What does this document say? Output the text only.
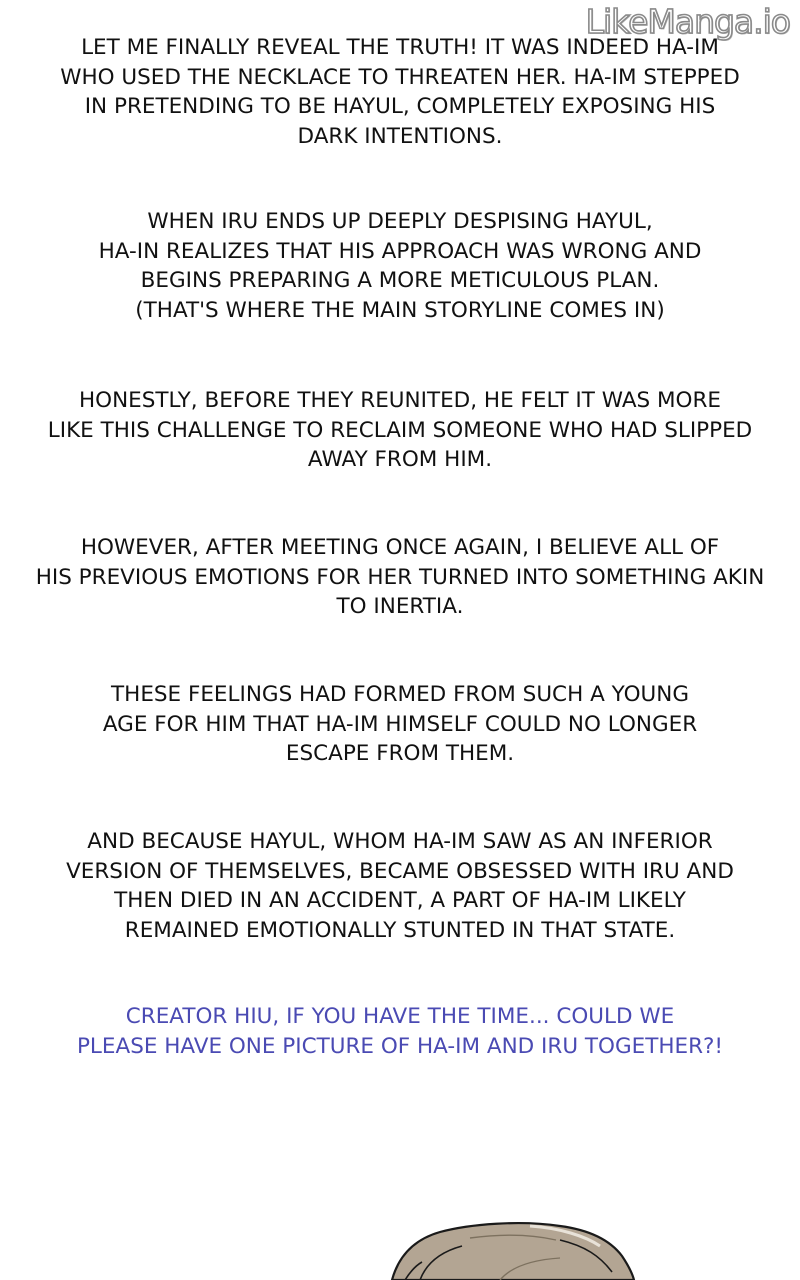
LikeManga.io

LET ME FINALLY REVEAL THE TRUTH! IT WAS INDEED HA-IM
WHO USED THE NECKLACE TO THREATEN HER. HA-IM STEPPED
IN PRETENDING TO BE HAYUL, COMPLETELY EXPOSING HIS
DARK INTENTIONS.

WHEN IRU ENDS UP DEEPLY DESPISING HAYUL,
HA-IN REALIZES THAT HIS APPROACH WAS WRONG AND
BEGINS PREPARING A MORE METICULOUS PLAN.
(THAT'S WHERE THE MAIN STORYLINE COMES IN)

HONESTLY, BEFORE THEY REUNITED, HE FELT IT WAS MORE
LIKE THIS CHALLENGE TO RECLAIM SOMEONE WHO HAD SLIPPED
AWAY FROM HIM.

HOWEVER, AFTER MEETING ONCE AGAIN, I BELIEVE ALL OF
HIS PREVIOUS EMOTIONS FOR HER TURNED INTO SOMETHING AKIN
TO INERTIA.

THESE FEELINGS HAD FORMED FROM SUCH A YOUNG
AGE FOR HIM THAT HA-IM HIMSELF COULD NO LONGER
ESCAPE FROM THEM.

AND BECAUSE HAYUL, WHOM HA-IM SAW AS AN INFERIOR
VERSION OF THEMSELVES, BECAME OBSESSED WITH IRU AND
THEN DIED IN AN ACCIDENT, A PART OF HA-IM LIKELY
REMAINED EMOTIONALLY STUNTED IN THAT STATE.

CREATOR HIU, IF YOU HAVE THE TIME... COULD WE
PLEASE HAVE ONE PICTURE OF HA-IM AND IRU TOGETHER?!
